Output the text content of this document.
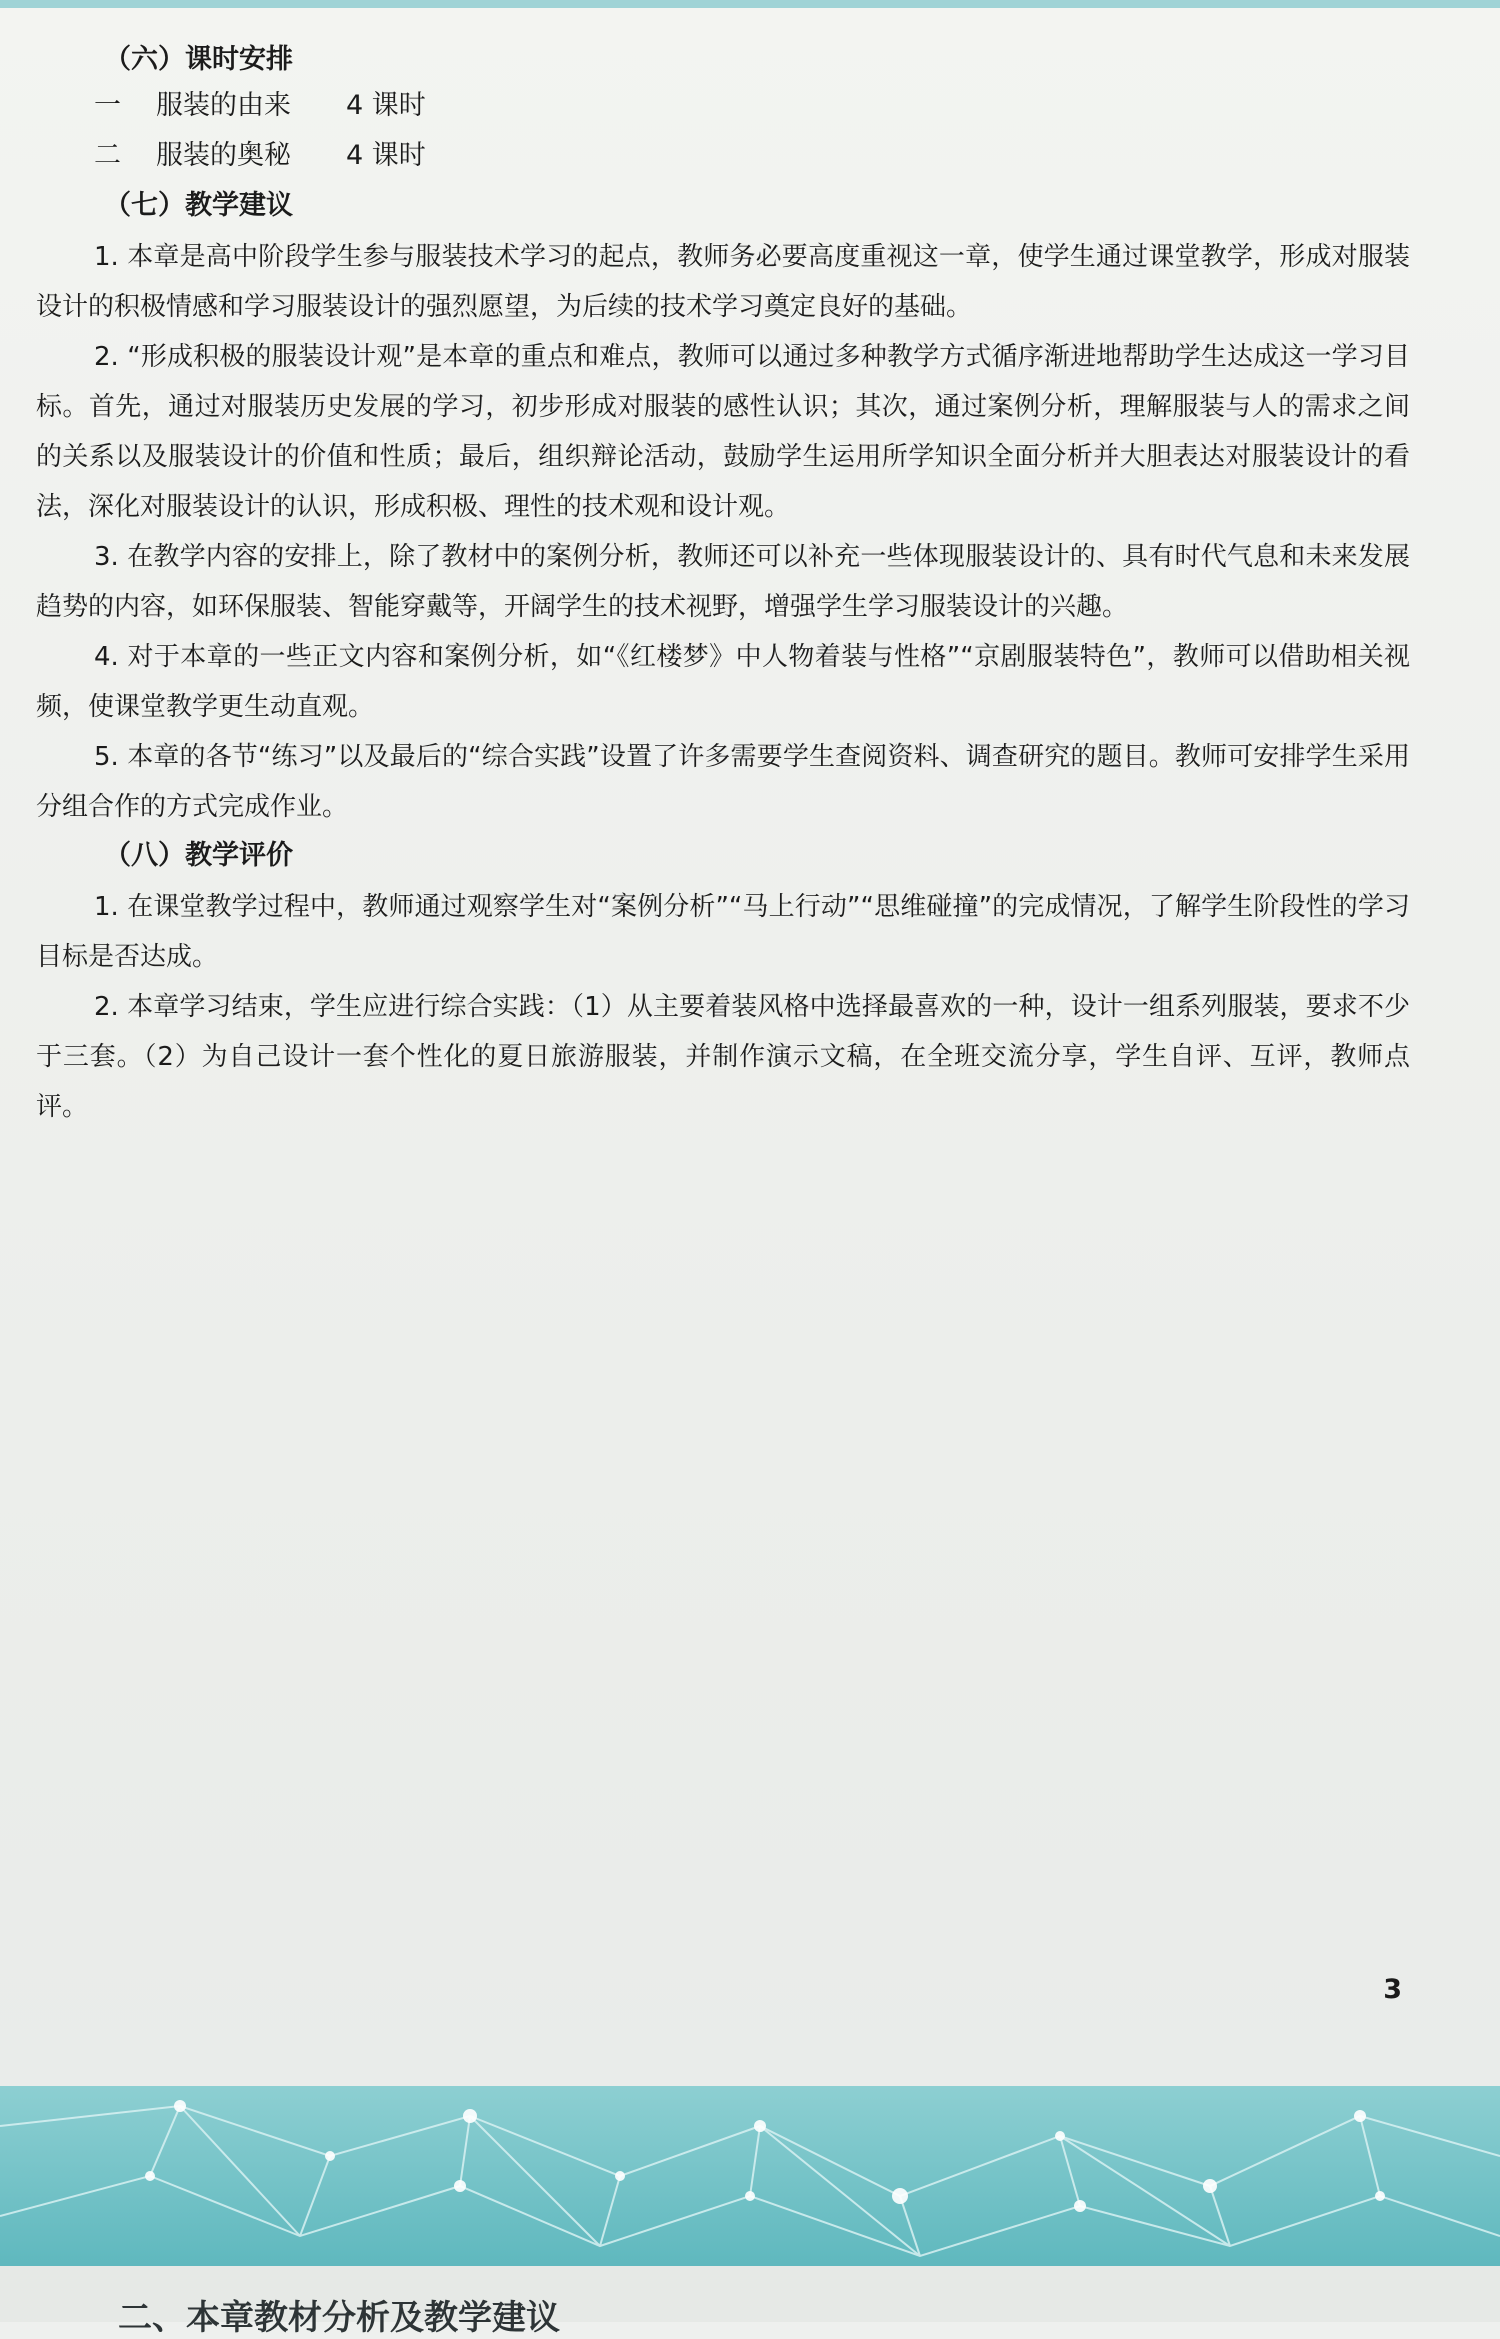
（六）课时安排
一 服装的由来 4 课时
二 服装的奥秘 4 课时
（七）教学建议

1. 本章是高中阶段学生参与服装技术学习的起点，教师务必要高度重视这一章，使学生通过课堂教学，形成对服装设计的积极情感和学习服装设计的强烈愿望，为后续的技术学习奠定良好的基础。

2. “形成积极的服装设计观”是本章的重点和难点，教师可以通过多种教学方式循序渐进地帮助学生达成这一学习目标。首先，通过对服装历史发展的学习，初步形成对服装的感性认识；其次，通过案例分析，理解服装与人的需求之间的关系以及服装设计的价值和性质；最后，组织辩论活动，鼓励学生运用所学知识全面分析并大胆表达对服装设计的看法，深化对服装设计的认识，形成积极、理性的技术观和设计观。

3. 在教学内容的安排上，除了教材中的案例分析，教师还可以补充一些体现服装设计的、具有时代气息和未来发展趋势的内容，如环保服装、智能穿戴等，开阔学生的技术视野，增强学生学习服装设计的兴趣。

4. 对于本章的一些正文内容和案例分析，如“《红楼梦》中人物着装与性格”“京剧服装特色”，教师可以借助相关视频，使课堂教学更生动直观。

5. 本章的各节“练习”以及最后的“综合实践”设置了许多需要学生查阅资料、调查研究的题目。教师可安排学生采用分组合作的方式完成作业。

（八）教学评价

1. 在课堂教学过程中，教师通过观察学生对“案例分析”“马上行动”“思维碰撞”的完成情况，了解学生阶段性的学习目标是否达成。

2. 本章学习结束，学生应进行综合实践：（1）从主要着装风格中选择最喜欢的一种，设计一组系列服装，要求不少于三套。（2）为自己设计一套个性化的夏日旅游服装，并制作演示文稿，在全班交流分享，学生自评、互评，教师点评。

3
二、本章教材分析及教学建议
